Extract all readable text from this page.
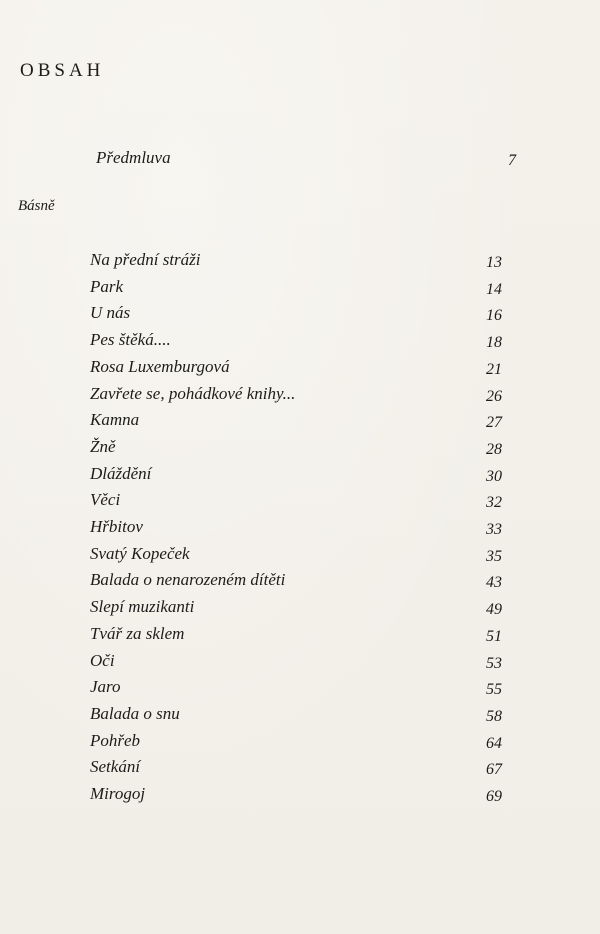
OBSAH
Předmluva	7
Básně
Na přední stráži	13
Park	14
U nás	16
Pes štěká....	18
Rosa Luxemburgová	21
Zavřete se, pohádkové knihy...	26
Kamna	27
Žně	28
Dláždění	30
Věci	32
Hřbitov	33
Svatý Kopeček	35
Balada o nenarozeném dítěti	43
Slepí muzikanti	49
Tvář za sklem	51
Oči	53
Jaro	55
Balada o snu	58
Pohřeb	64
Setkání	67
Mirogoj	69
